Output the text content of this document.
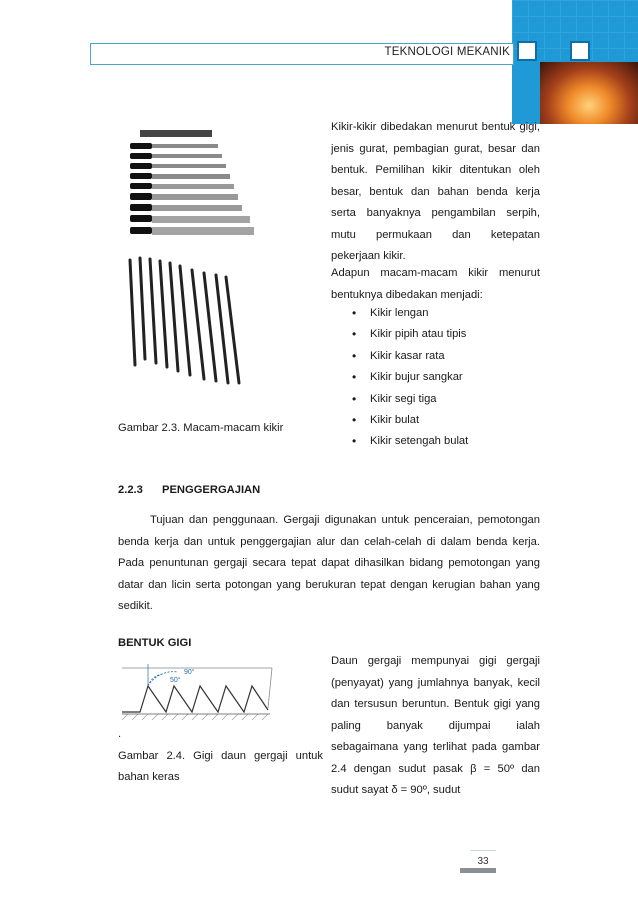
TEKNOLOGI MEKANIK
Kikir-kikir dibedakan menurut bentuk gigi, jenis gurat, pembagian gurat, besar dan bentuk. Pemilihan kikir ditentukan oleh besar, bentuk dan bahan benda kerja serta banyaknya pengambilan serpih, mutu permukaan dan ketepatan pekerjaan kikir.
Adapun macam-macam kikir menurut bentuknya dibedakan menjadi:
• Kikir lengan
• Kikir pipih atau tipis
• Kikir kasar rata
• Kikir bujur sangkar
• Kikir segi tiga
• Kikir bulat
• Kikir setengah bulat
Gambar 2.3. Macam-macam kikir
2.2.3 PENGGERGAJIAN
Tujuan dan penggunaan. Gergaji digunakan untuk penceraian, pemotongan benda kerja dan untuk penggergajian alur dan celah-celah di dalam benda kerja. Pada penuntunan gergaji secara tepat dapat dihasilkan bidang pemotongan yang datar dan licin serta potongan yang berukuran tepat dengan kerugian bahan yang sedikit.
BENTUK GIGI
50°
90°
.
Gambar 2.4. Gigi daun gergaji untuk bahan keras
Daun gergaji mempunyai gigi gergaji (penyayat) yang jumlahnya banyak, kecil dan tersusun beruntun. Bentuk gigi yang paling banyak dijumpai ialah sebagaimana yang terlihat pada gambar 2.4 dengan sudut pasak β = 50º dan sudut sayat δ = 90º, sudut
33
